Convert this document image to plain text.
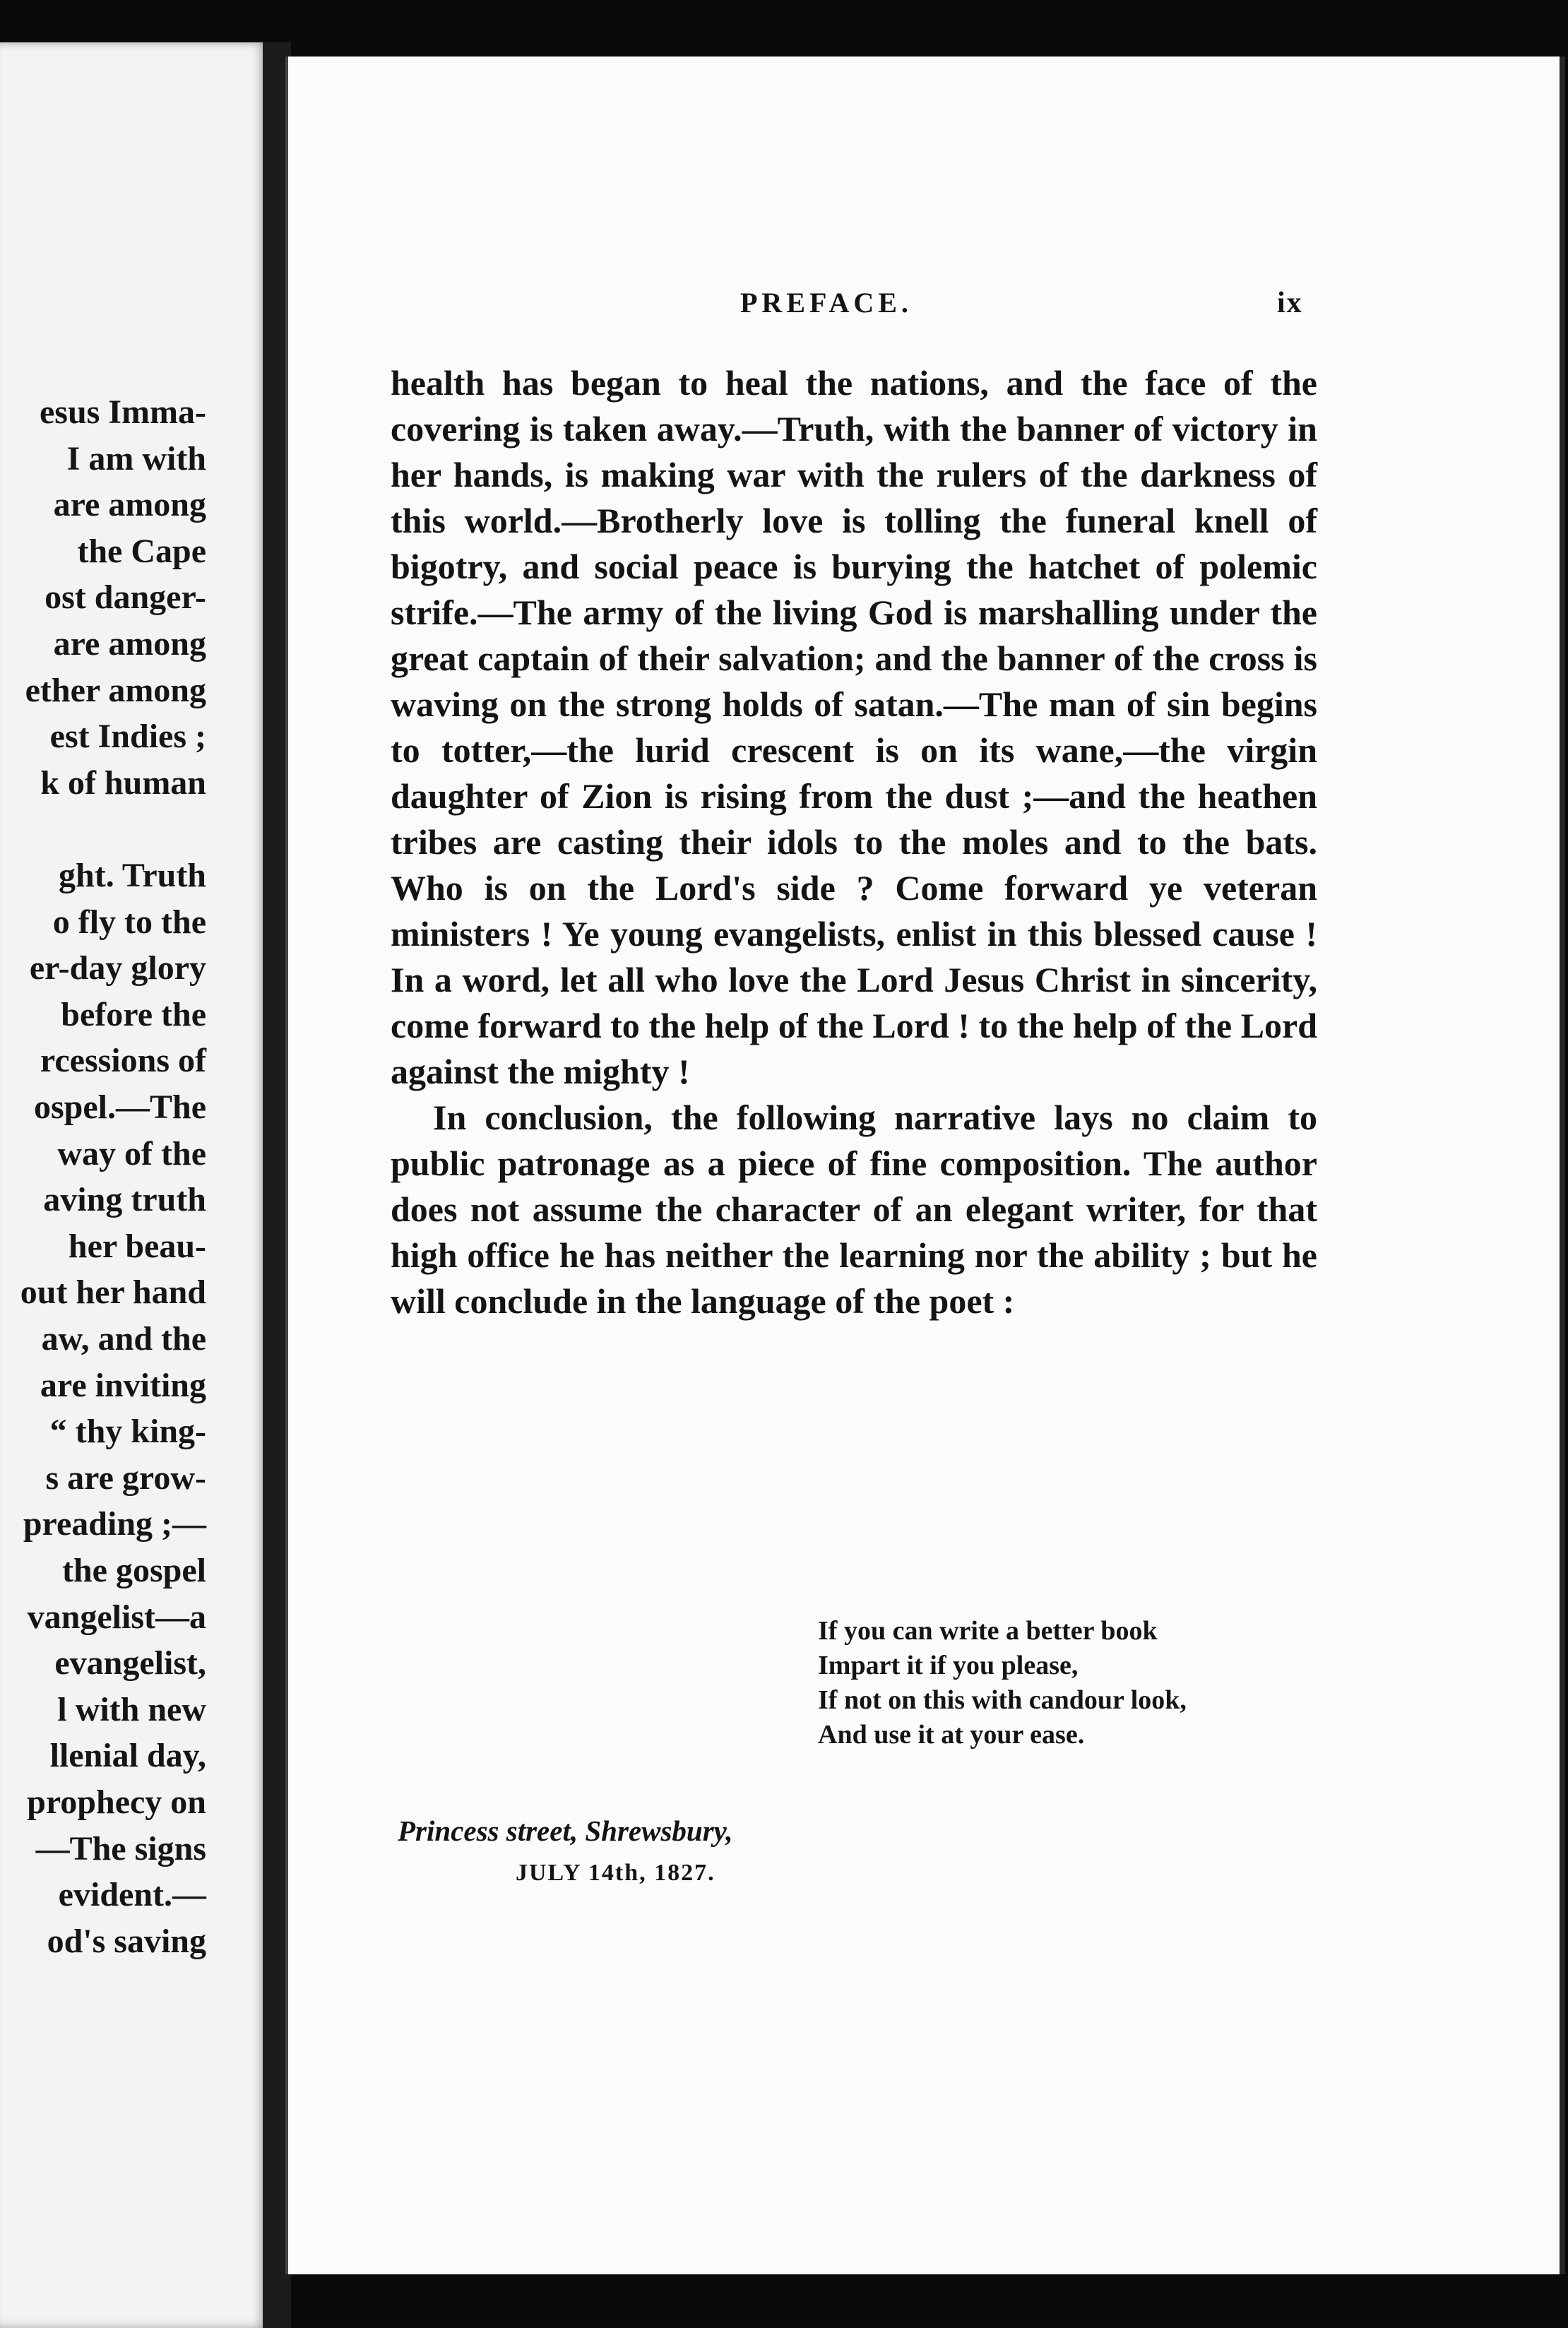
esus Imma-
I am with
are among
the Cape
ost danger-
are among
ether among
est Indies ;
k of human
ght. Truth
o fly to the
er-day glory
before the
rcessions of
ospel.—The
way of the
aving truth
her beau-
out her hand
aw, and the
are inviting
“ thy king-
s are grow-
preading ;—
the gospel
vangelist—a
evangelist,
l with new
llenial day,
prophecy on
—The signs
evident.—
od's saving
PREFACE.	ix

health has began to heal the nations, and the face of the covering is taken away.—Truth, with the banner of victory in her hands, is making war with the rulers of the darkness of this world.—Brotherly love is tolling the funeral knell of bigotry, and social peace is burying the hatchet of polemic strife.—The army of the living God is marshalling under the great captain of their salvation; and the banner of the cross is waving on the strong holds of satan.—The man of sin begins to totter,—the lurid crescent is on its wane,—the virgin daughter of Zion is rising from the dust ;—and the heathen tribes are casting their idols to the moles and to the bats. Who is on the Lord's side ? Come forward ye veteran ministers ! Ye young evangelists, enlist in this blessed cause ! In a word, let all who love the Lord Jesus Christ in sincerity, come forward to the help of the Lord ! to the help of the Lord against the mighty !

In conclusion, the following narrative lays no claim to public patronage as a piece of fine composition. The author does not assume the character of an elegant writer, for that high office he has neither the learning nor the ability ; but he will conclude in the language of the poet :

If you can write a better book
Impart it if you please,
If not on this with candour look,
And use it at your ease.
Princess street, Shrewsbury,
JULY 14th, 1827.
